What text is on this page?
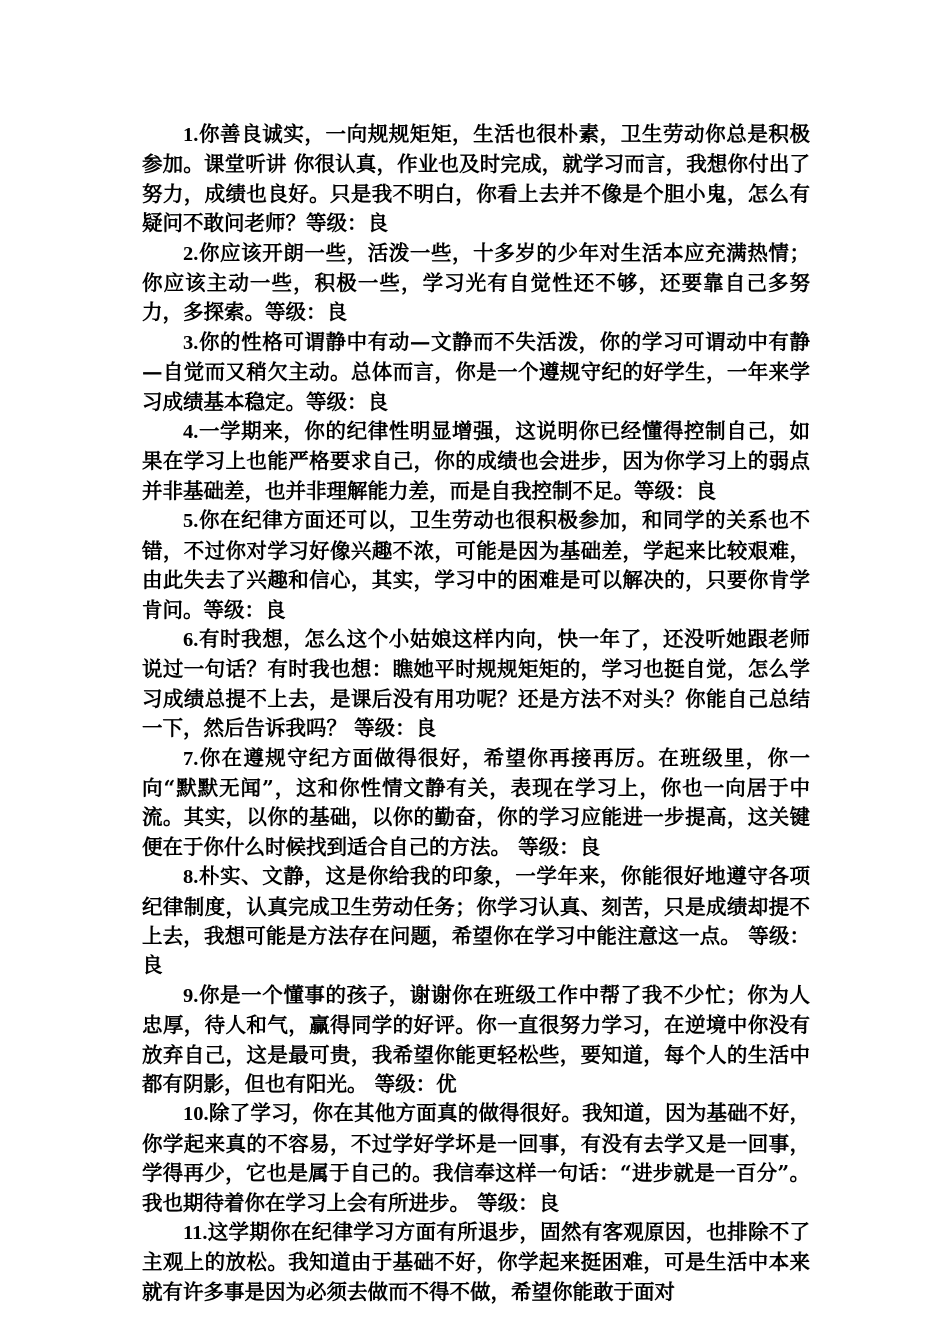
1.你善良诚实，一向规规矩矩，生活也很朴素，卫生劳动你总是积极参加。课堂听讲 你很认真，作业也及时完成，就学习而言，我想你付出了努力，成绩也良好。只是我不明白，你看上去并不像是个胆小鬼，怎么有疑问不敢问老师？等级：良

2.你应该开朗一些，活泼一些，十多岁的少年对生活本应充满热情；你应该主动一些，积极一些，学习光有自觉性还不够，还要靠自己多努力，多探索。等级：良

3.你的性格可谓静中有动—文静而不失活泼，你的学习可谓动中有静—自觉而又稍欠主动。总体而言，你是一个遵规守纪的好学生，一年来学习成绩基本稳定。等级：良

4.一学期来，你的纪律性明显增强，这说明你已经懂得控制自己，如果在学习上也能严格要求自己，你的成绩也会进步，因为你学习上的弱点并非基础差，也并非理解能力差，而是自我控制不足。等级：良

5.你在纪律方面还可以，卫生劳动也很积极参加，和同学的关系也不错，不过你对学习好像兴趣不浓，可能是因为基础差，学起来比较艰难，由此失去了兴趣和信心，其实，学习中的困难是可以解决的，只要你肯学肯问。等级：良

6.有时我想，怎么这个小姑娘这样内向，快一年了，还没听她跟老师说过一句话？有时我也想：瞧她平时规规矩矩的，学习也挺自觉，怎么学习成绩总提不上去，是课后没有用功呢？还是方法不对头？你能自己总结一下，然后告诉我吗？ 等级：良

7.你在遵规守纪方面做得很好，希望你再接再厉。在班级里，你一向“默默无闻”，这和你性情文静有关，表现在学习上，你也一向居于中流。其实，以你的基础，以你的勤奋，你的学习应能进一步提高，这关键便在于你什么时候找到适合自己的方法。 等级：良

8.朴实、文静，这是你给我的印象，一学年来，你能很好地遵守各项纪律制度，认真完成卫生劳动任务；你学习认真、刻苦，只是成绩却提不上去，我想可能是方法存在问题，希望你在学习中能注意这一点。 等级：良

9.你是一个懂事的孩子，谢谢你在班级工作中帮了我不少忙；你为人忠厚，待人和气，赢得同学的好评。你一直很努力学习，在逆境中你没有放弃自己，这是最可贵，我希望你能更轻松些，要知道，每个人的生活中都有阴影，但也有阳光。 等级：优

10.除了学习，你在其他方面真的做得很好。我知道，因为基础不好，你学起来真的不容易，不过学好学坏是一回事，有没有去学又是一回事，学得再少，它也是属于自己的。我信奉这样一句话：“进步就是一百分”。我也期待着你在学习上会有所进步。 等级：良

11.这学期你在纪律学习方面有所退步，固然有客观原因，也排除不了主观上的放松。我知道由于基础不好，你学起来挺困难，可是生活中本来就有许多事是因为必须去做而不得不做，希望你能敢于面对
